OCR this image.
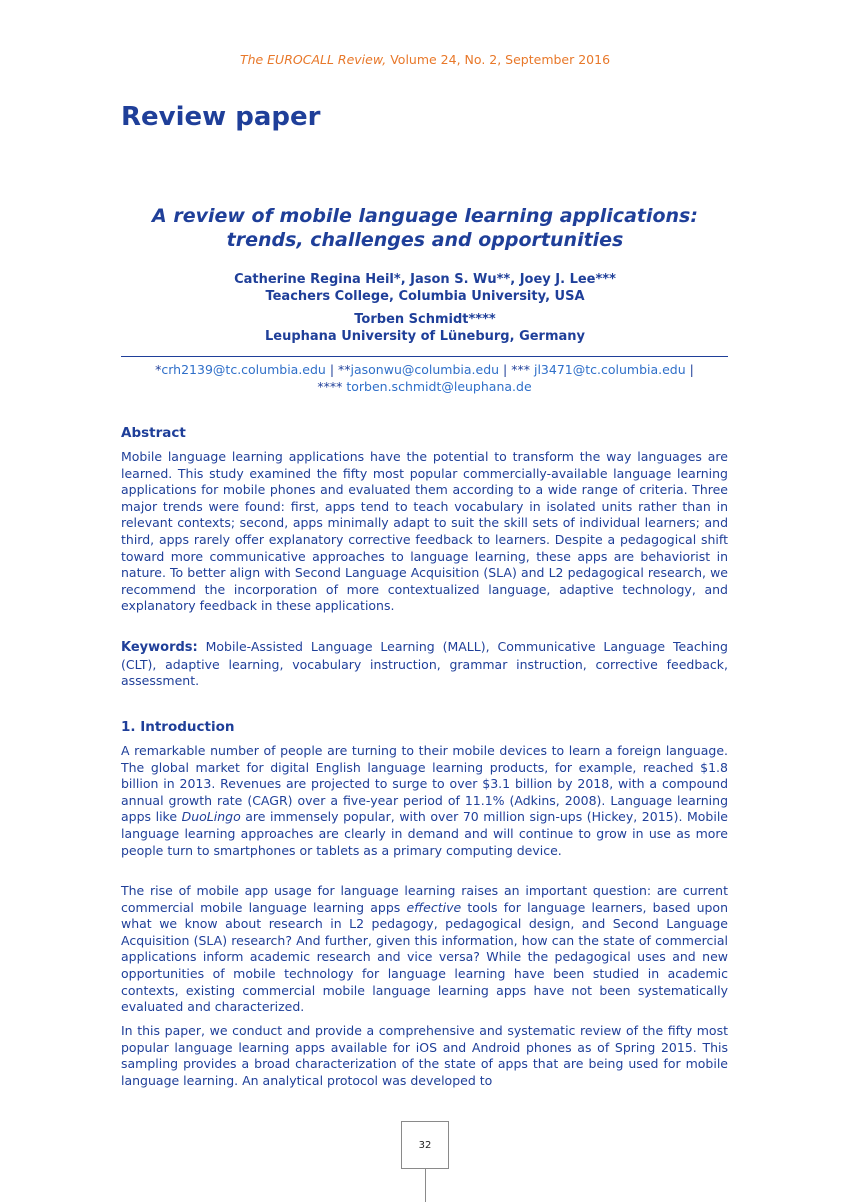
The EUROCALL Review, Volume 24, No. 2, September 2016
Review paper
A review of mobile language learning applications:
trends, challenges and opportunities
Catherine Regina Heil*, Jason S. Wu**, Joey J. Lee***
Teachers College, Columbia University, USA
Torben Schmidt****
Leuphana University of Lüneburg, Germany
*crh2139@tc.columbia.edu | **jasonwu@columbia.edu | *** jl3471@tc.columbia.edu |
**** torben.schmidt@leuphana.de
Abstract

Mobile language learning applications have the potential to transform the way languages are learned. This study examined the fifty most popular commercially-available language learning applications for mobile phones and evaluated them according to a wide range of criteria. Three major trends were found: first, apps tend to teach vocabulary in isolated units rather than in relevant contexts; second, apps minimally adapt to suit the skill sets of individual learners; and third, apps rarely offer explanatory corrective feedback to learners. Despite a pedagogical shift toward more communicative approaches to language learning, these apps are behaviorist in nature. To better align with Second Language Acquisition (SLA) and L2 pedagogical research, we recommend the incorporation of more contextualized language, adaptive technology, and explanatory feedback in these applications.

Keywords: Mobile-Assisted Language Learning (MALL), Communicative Language Teaching (CLT), adaptive learning, vocabulary instruction, grammar instruction, corrective feedback, assessment.

1. Introduction

A remarkable number of people are turning to their mobile devices to learn a foreign language. The global market for digital English language learning products, for example, reached $1.8 billion in 2013. Revenues are projected to surge to over $3.1 billion by 2018, with a compound annual growth rate (CAGR) over a five-year period of 11.1% (Adkins, 2008). Language learning apps like DuoLingo are immensely popular, with over 70 million sign-ups (Hickey, 2015). Mobile language learning approaches are clearly in demand and will continue to grow in use as more people turn to smartphones or tablets as a primary computing device.

The rise of mobile app usage for language learning raises an important question: are current commercial mobile language learning apps effective tools for language learners, based upon what we know about research in L2 pedagogy, pedagogical design, and Second Language Acquisition (SLA) research? And further, given this information, how can the state of commercial applications inform academic research and vice versa? While the pedagogical uses and new opportunities of mobile technology for language learning have been studied in academic contexts, existing commercial mobile language learning apps have not been systematically evaluated and characterized.

In this paper, we conduct and provide a comprehensive and systematic review of the fifty most popular language learning apps available for iOS and Android phones as of Spring 2015. This sampling provides a broad characterization of the state of apps that are being used for mobile language learning. An analytical protocol was developed to

32
